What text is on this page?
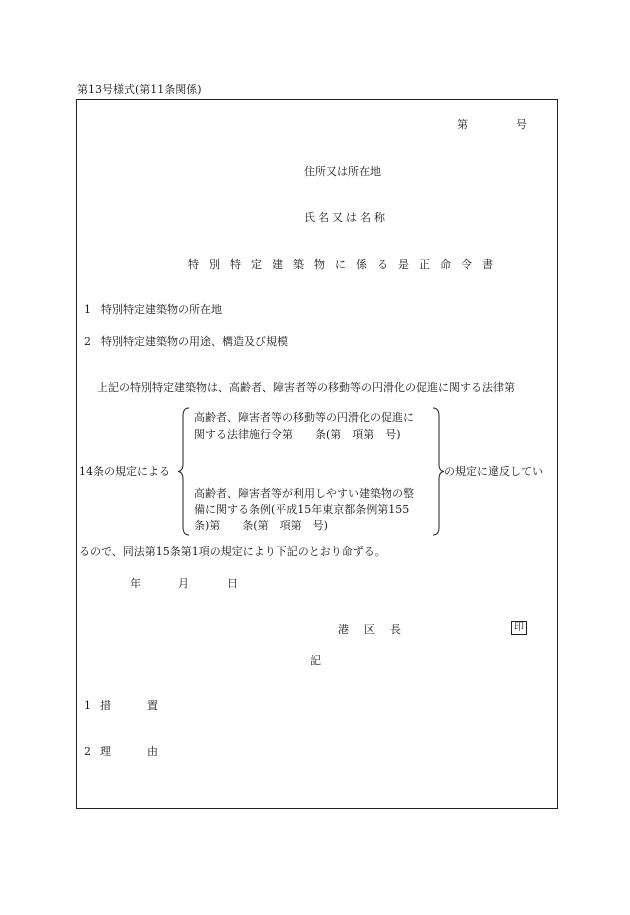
第13号様式(第11条関係)
第	号
住所又は所在地
氏名又は名称
特別特定建築物に係る是正命令書
1 特別特定建築物の所在地
2 特別特定建築物の用途、構造及び規模
上記の特別特定建築物は、高齢者、障害者等の移動等の円滑化の促進に関する法律第
高齢者、障害者等の移動等の円滑化の促進に
関する法律施行令第　　条(第　項第　号)
14条の規定による
高齢者、障害者等が利用しやすい建築物の整
備に関する条例(平成15年東京都条例第155
条)第　　条(第　項第　号)
の規定に違反してい
るので、同法第15条第1項の規定により下記のとおり命ずる。
年	月	日
港区長	印
記
1 措置
2 理由
